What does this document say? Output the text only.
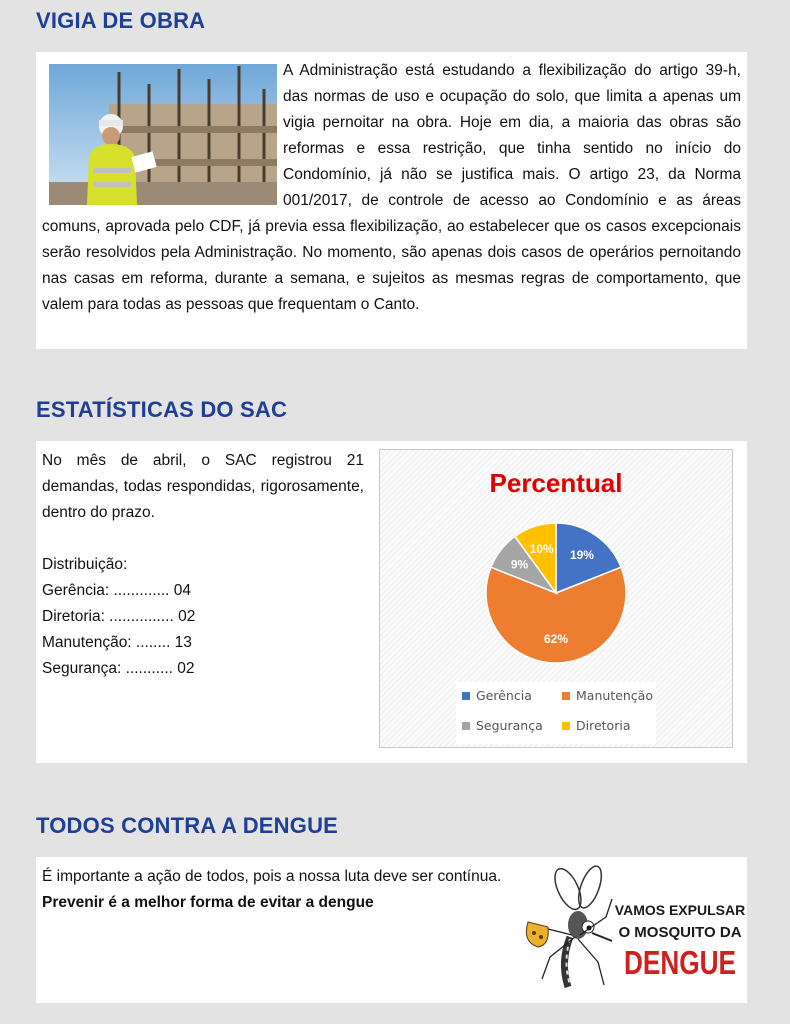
VIGIA DE OBRA
A Administração está estudando a flexibilização do artigo 39-h, das normas de uso e ocupação do solo, que limita a apenas um vigia pernoitar na obra. Hoje em dia, a maioria das obras são reformas e essa restrição, que tinha sentido no início do Condomínio, já não se justifica mais. O artigo 23, da Norma 001/2017, de controle de acesso ao Condomínio e as áreas comuns, aprovada pelo CDF, já previa essa flexibilização, ao estabelecer que os casos excepcionais serão resolvidos pela Administração. No momento, são apenas dois casos de operários pernoitando nas casas em reforma, durante a semana, e sujeitos as mesmas regras de comportamento, que valem para todas as pessoas que frequentam o Canto.
ESTATÍSTICAS DO SAC

No mês de abril, o SAC registrou 21 demandas, todas respondidas, rigorosamente, dentro do prazo.

Distribuição:

Gerência: ............. 04

Diretoria: ............... 02

Manutenção: ........ 13

Segurança: ........... 02

Percentual
19%
62%
9%
10%
Gerência	Manutenção
Segurança	Diretoria
TODOS CONTRA A DENGUE

É importante a ação de todos, pois a nossa luta deve ser contínua.

Prevenir é a melhor forma de evitar a dengue	VAMOS EXPULSAR
O MOSQUITO DA
DENGUE
